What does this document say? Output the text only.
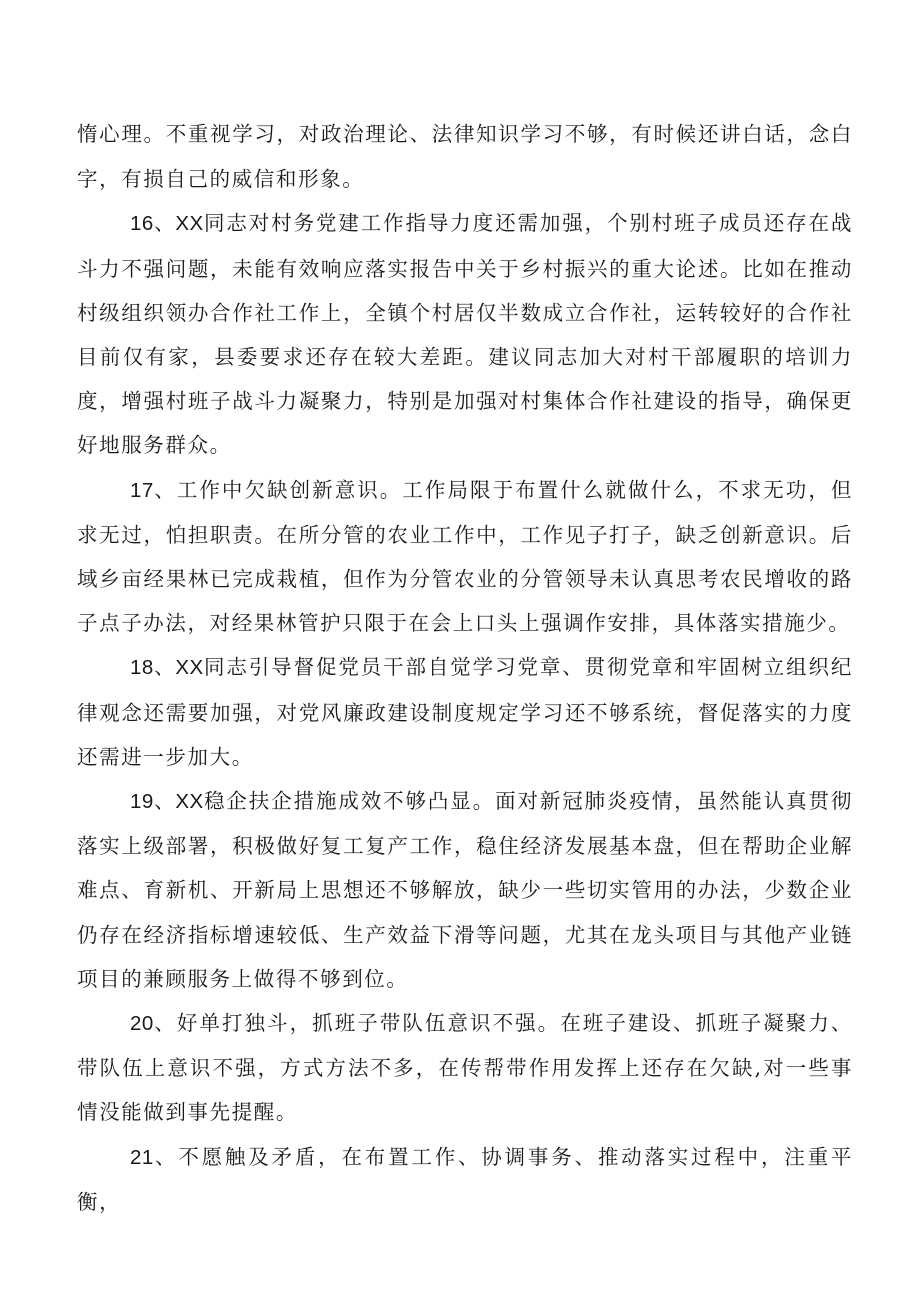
惰心理。不重视学习，对政治理论、法律知识学习不够，有时候还讲白话，念白字，有损自己的威信和形象。

16、XX同志对村务党建工作指导力度还需加强，个别村班子成员还存在战斗力不强问题，未能有效响应落实报告中关于乡村振兴的重大论述。比如在推动村级组织领办合作社工作上，全镇个村居仅半数成立合作社，运转较好的合作社目前仅有家，县委要求还存在较大差距。建议同志加大对村干部履职的培训力度，增强村班子战斗力凝聚力，特别是加强对村集体合作社建设的指导，确保更好地服务群众。

17、工作中欠缺创新意识。工作局限于布置什么就做什么，不求无功，但求无过，怕担职责。在所分管的农业工作中，工作见子打子，缺乏创新意识。后域乡亩经果林已完成栽植，但作为分管农业的分管领导未认真思考农民增收的路子点子办法，对经果林管护只限于在会上口头上强调作安排，具体落实措施少。

18、XX同志引导督促党员干部自觉学习党章、贯彻党章和牢固树立组织纪律观念还需要加强，对党风廉政建设制度规定学习还不够系统，督促落实的力度还需进一步加大。

19、XX稳企扶企措施成效不够凸显。面对新冠肺炎疫情，虽然能认真贯彻落实上级部署，积极做好复工复产工作，稳住经济发展基本盘，但在帮助企业解难点、育新机、开新局上思想还不够解放，缺少一些切实管用的办法，少数企业仍存在经济指标增速较低、生产效益下滑等问题，尤其在龙头项目与其他产业链项目的兼顾服务上做得不够到位。

20、好单打独斗，抓班子带队伍意识不强。在班子建设、抓班子凝聚力、带队伍上意识不强，方式方法不多，在传帮带作用发挥上还存在欠缺,对一些事情没能做到事先提醒。

21、不愿触及矛盾，在布置工作、协调事务、推动落实过程中，注重平衡，
